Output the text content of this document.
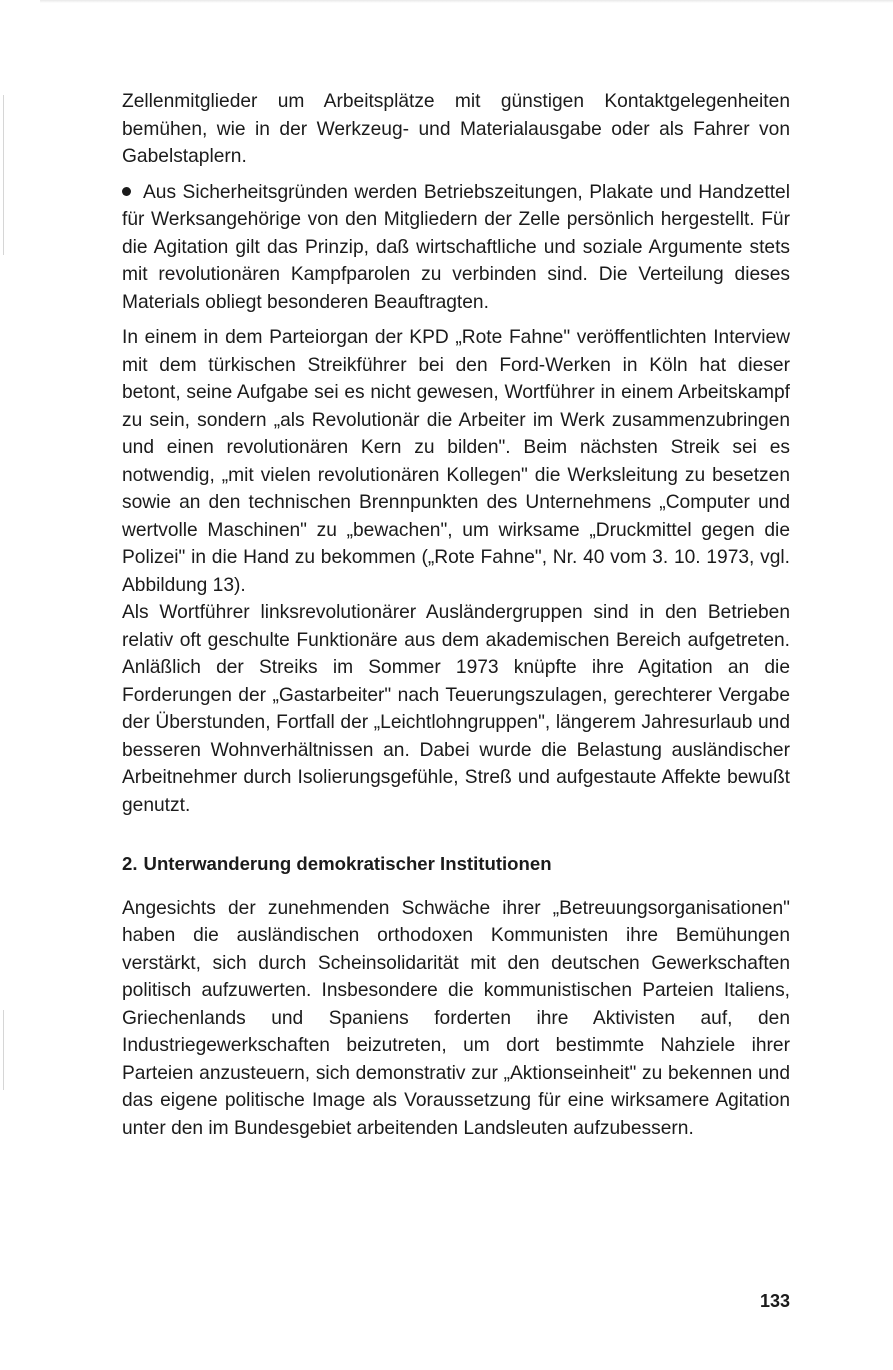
Zellenmitglieder um Arbeitsplätze mit günstigen Kontaktgelegenheiten bemühen, wie in der Werkzeug- und Materialausgabe oder als Fahrer von Gabelstaplern.

Aus Sicherheitsgründen werden Betriebszeitungen, Plakate und Handzettel für Werksangehörige von den Mitgliedern der Zelle persönlich hergestellt. Für die Agitation gilt das Prinzip, daß wirtschaftliche und soziale Argumente stets mit revolutionären Kampfparolen zu verbinden sind. Die Verteilung dieses Materials obliegt besonderen Beauftragten.

In einem in dem Parteiorgan der KPD „Rote Fahne" veröffentlichten Interview mit dem türkischen Streikführer bei den Ford-Werken in Köln hat dieser betont, seine Aufgabe sei es nicht gewesen, Wortführer in einem Arbeitskampf zu sein, sondern „als Revolutionär die Arbeiter im Werk zusammenzubringen und einen revolutionären Kern zu bilden". Beim nächsten Streik sei es notwendig, „mit vielen revolutionären Kollegen" die Werksleitung zu besetzen sowie an den technischen Brennpunkten des Unternehmens „Computer und wertvolle Maschinen" zu „bewachen", um wirksame „Druckmittel gegen die Polizei" in die Hand zu bekommen („Rote Fahne", Nr. 40 vom 3. 10. 1973, vgl. Abbildung 13).

Als Wortführer linksrevolutionärer Ausländergruppen sind in den Betrieben relativ oft geschulte Funktionäre aus dem akademischen Bereich aufgetreten. Anläßlich der Streiks im Sommer 1973 knüpfte ihre Agitation an die Forderungen der „Gastarbeiter" nach Teuerungszulagen, gerechterer Vergabe der Überstunden, Fortfall der „Leichtlohngruppen", längerem Jahresurlaub und besseren Wohnverhältnissen an. Dabei wurde die Belastung ausländischer Arbeitnehmer durch Isolierungsgefühle, Streß und aufgestaute Affekte bewußt genutzt.

2. Unterwanderung demokratischer Institutionen

Angesichts der zunehmenden Schwäche ihrer „Betreuungsorganisationen" haben die ausländischen orthodoxen Kommunisten ihre Bemühungen verstärkt, sich durch Scheinsolidarität mit den deutschen Gewerkschaften politisch aufzuwerten. Insbesondere die kommunistischen Parteien Italiens, Griechenlands und Spaniens forderten ihre Aktivisten auf, den Industriegewerkschaften beizutreten, um dort bestimmte Nahziele ihrer Parteien anzusteuern, sich demonstrativ zur „Aktionseinheit" zu bekennen und das eigene politische Image als Voraussetzung für eine wirksamere Agitation unter den im Bundesgebiet arbeitenden Landsleuten aufzubessern.

133
